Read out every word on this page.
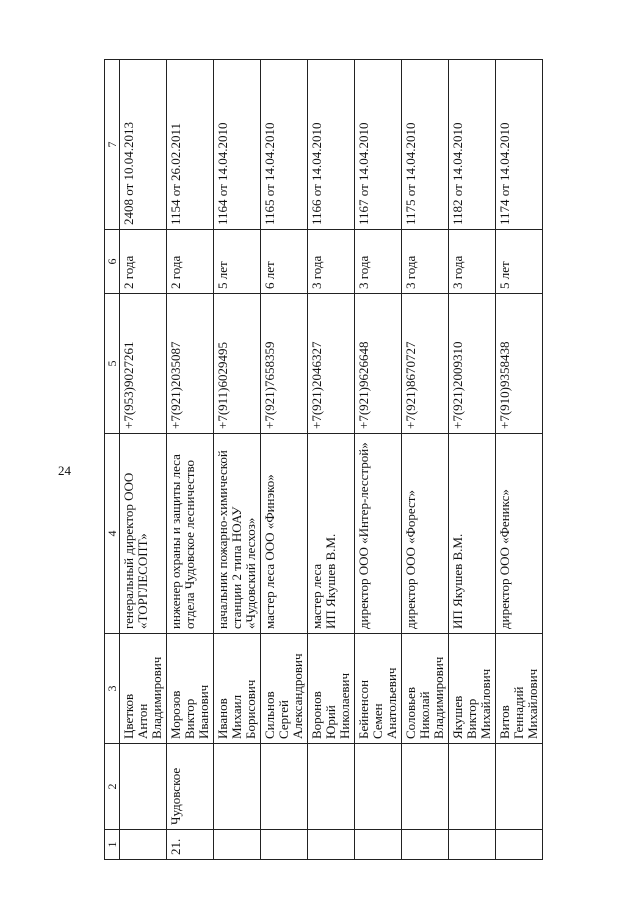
24
1	2	3	4	5	6	7
		Цветков
Антон
Владимирович	генеральный директор ООО «ТОРГЛЕСОПТ»	+7(953)9027261	2 года	2408 от 10.04.2013
21.	Чудовское	Морозов
Виктор
Иванович	инженер охраны и защиты леса отдела Чудовское лесничество	+7(921)2035087	2 года	1154 от 26.02.2011
		Иванов
Михаил
Борисович	начальник пожарно-химической станции 2 типа НОАУ «Чудовский лесхоз»	+7(911)6029495	5 лет	1164 от 14.04.2010
		Сильнов
Сергей
Александрович	мастер леса ООО «Финэко»	+7(921)7658359	6 лет	1165 от 14.04.2010
		Воронов
Юрий
Николаевич	мастер леса
ИП Якушев В.М.	+7(921)2046327	3 года	1166 от 14.04.2010
		Бейненсон
Семен
Анатольевич	директор ООО «Интер-лесстрой»	+7(921)9626648	3 года	1167 от 14.04.2010
		Соловьев
Николай
Владимирович	директор ООО «Форест»	+7(921)8670727	3 года	1175 от 14.04.2010
		Якушев
Виктор
Михайлович	ИП Якушев В.М.	+7(921)2009310	3 года	1182 от 14.04.2010
		Витов
Геннадий
Михайлович	директор ООО «Феникс»	+7(910)9358438	5 лет	1174 от 14.04.2010
